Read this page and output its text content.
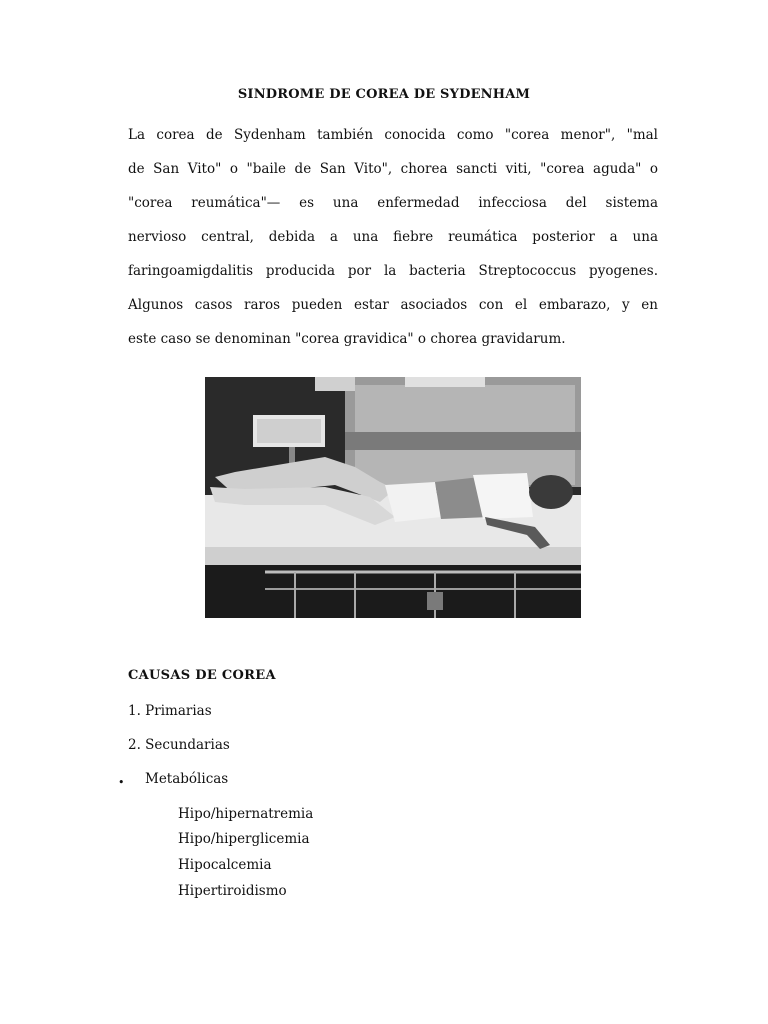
SINDROME DE COREA DE SYDENHAM
La corea de Sydenham también conocida como "corea menor", "mal
de San Vito" o "baile de San Vito", chorea sancti viti, "corea aguda" o
"corea reumática"— es una enfermedad infecciosa del sistema
nervioso central, debida a una fiebre reumática posterior a una
faringoamigdalitis producida por la bacteria Streptococcus pyogenes.
Algunos casos raros pueden estar asociados con el embarazo, y en
este caso se denominan "corea gravidica" o chorea gravidarum.
CAUSAS DE COREA
1. Primarias
2. Secundarias
• Metabólicas
Hipo/hipernatremia
Hipo/hiperglicemia
Hipocalcemia
Hipertiroidismo
